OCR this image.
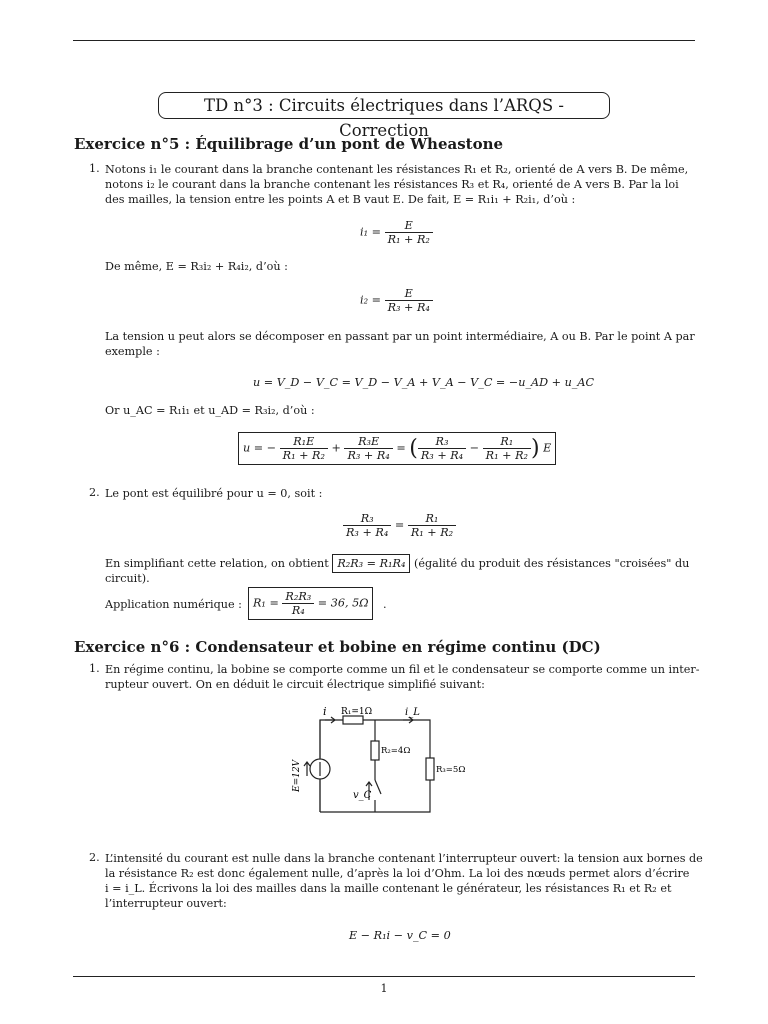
TD n°3 : Circuits électriques dans l’ARQS - Correction
Exercice n°5 : Équilibrage d’un pont de Wheastone
1. Notons i₁ le courant dans la branche contenant les résistances R₁ et R₂, orienté de A vers B. De même,
notons i₂ le courant dans la branche contenant les résistances R₃ et R₄, orienté de A vers B. Par la loi
des mailles, la tension entre les points A et B vaut E. De fait, E = R₁i₁ + R₂i₁, d’où :
$i_1 = \frac{E}{\text{R₁ + R₂}}$
De même, E = R₃i₂ + R₄i₂, d’où :
$i_2 = \frac{E}{\text{R₃ + R₄}}$
La tension u peut alors se décomposer en passant par un point intermédiaire, A ou B. Par le point A par
exemple :
u = V_D − V_C = V_D − V_A + V_A − V_C = −u_AD + u_AC
Or u_AC = R₁i₁ et u_AD = R₃i₂, d’où :
u = − $\frac{\text{R₁E}}{\text{R₁ + R₂}} + \frac{\text{R₃E}}{\text{R₃ + R₄}}$ = ( $\frac{\text{R₃}}{\text{R₃ + R₄}} - \frac{\text{R₁}}{\text{R₁ + R₂}}$ ) E
2. Le pont est équilibré pour u = 0, soit :
$\frac{\text{R₃}}{\text{R₃ + R₄}} = \frac{\text{R₁}}{\text{R₁ + R₂}}$
En simplifiant cette relation, on obtient R₂R₃ = R₁R₄ (égalité du produit des résistances "croisées" du
circuit).
Application numérique : $R_1 = \frac{\text{R₂R₃}}{\text{R₄}} = 36$, 5Ω	.
Exercice n°6 : Condensateur et bobine en régime continu (DC)
1. En régime continu, la bobine se comporte comme un fil et le condensateur se comporte comme un inter-
rupteur ouvert. On en déduit le circuit électrique simplifié suivant:
i R₁=1Ω	i_L
R₂=4Ω
R₃=5Ω
E=12V
v_C
2. L’intensité du courant est nulle dans la branche contenant l’interrupteur ouvert: la tension aux bornes de
la résistance R₂ est donc également nulle, d’après la loi d’Ohm. La loi des nœuds permet alors d’écrire
i = i_L. Écrivons la loi des mailles dans la maille contenant le générateur, les résistances R₁ et R₂ et
l’interrupteur ouvert:
E − R₁i − v_C = 0
1
